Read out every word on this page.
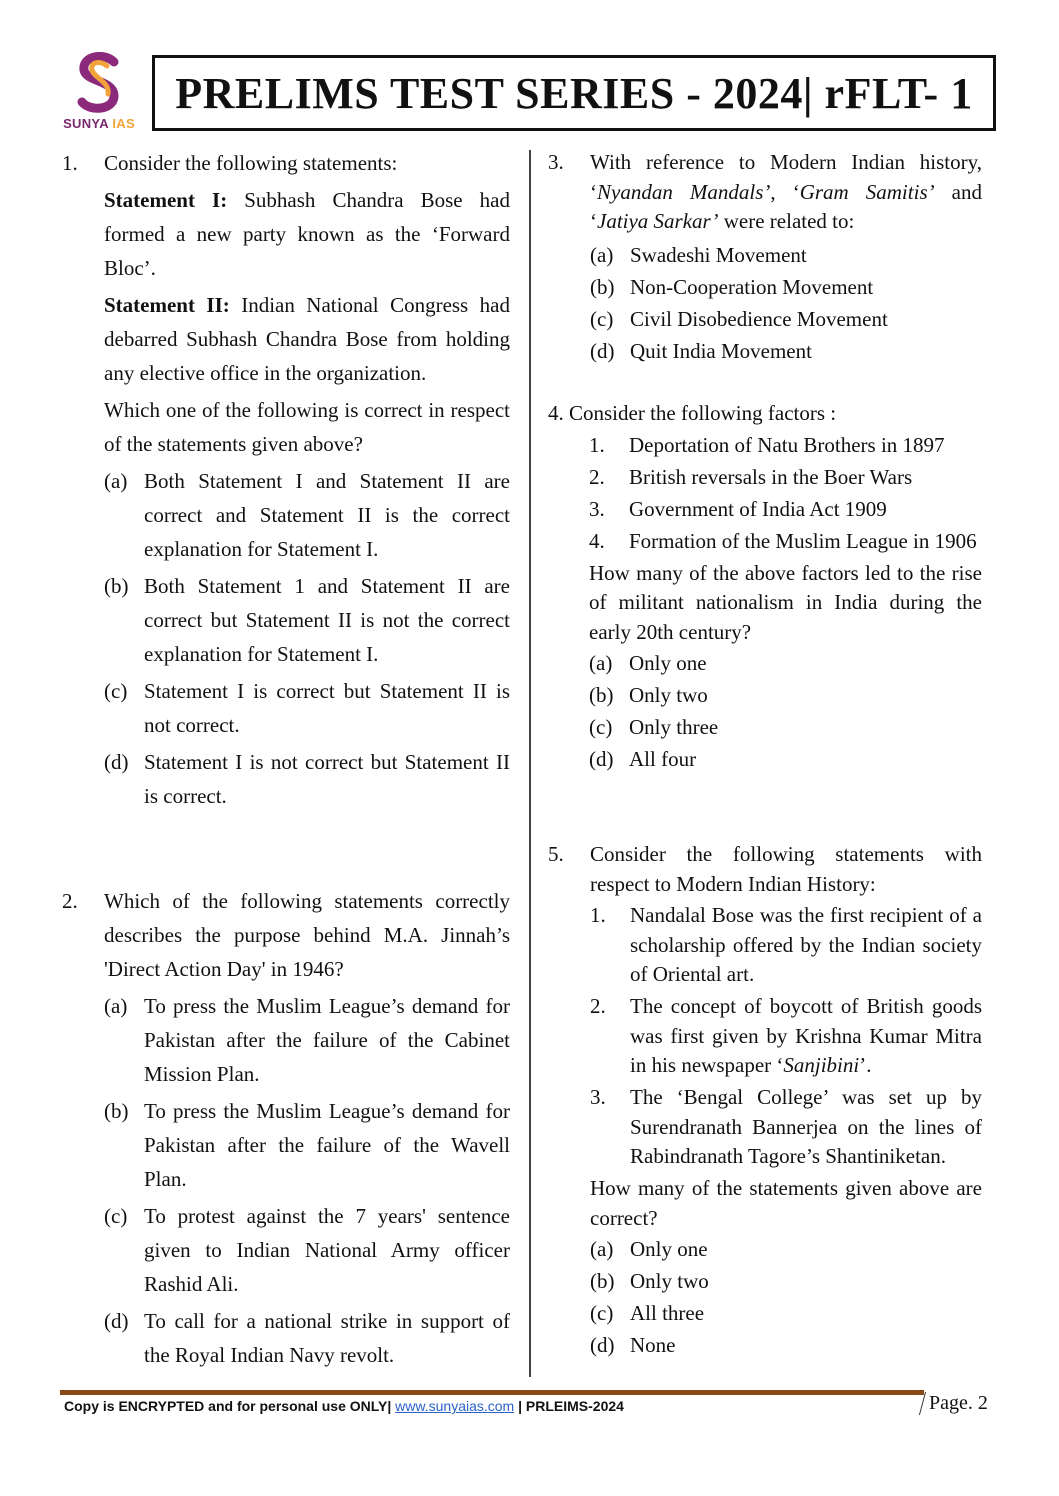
SUNYA IAS
PRELIMS TEST SERIES - 2024| rFLT- 1
1.	Consider the following statements:
Statement I: Subhash Chandra Bose had formed a new party known as the ‘Forward Bloc’.
Statement II: Indian National Congress had debarred Subhash Chandra Bose from holding any elective office in the organization.
Which one of the following is correct in respect of the statements given above?
(a) Both Statement I and Statement II are correct and Statement II is the correct explanation for Statement I.
(b) Both Statement 1 and Statement II are correct but Statement II is not the correct explanation for Statement I.
(c) Statement I is correct but Statement II is not correct.
(d) Statement I is not correct but Statement II is correct.
2.	Which of the following statements correctly describes the purpose behind M.A. Jinnah’s 'Direct Action Day' in 1946?
(a) To press the Muslim League’s demand for Pakistan after the failure of the Cabinet Mission Plan.
(b) To press the Muslim League’s demand for Pakistan after the failure of the Wavell Plan.
(c) To protest against the 7 years' sentence given to Indian National Army officer Rashid Ali.
(d) To call for a national strike in support of the Royal Indian Navy revolt.
3.	With reference to Modern Indian history, ‘Nyandan Mandals’, ‘Gram Samitis’ and ‘Jatiya Sarkar’ were related to:
(a) Swadeshi Movement
(b) Non-Cooperation Movement
(c) Civil Disobedience Movement
(d) Quit India Movement
4. Consider the following factors :
1.	Deportation of Natu Brothers in 1897
2.	British reversals in the Boer Wars
3.	Government of India Act 1909
4.	Formation of the Muslim League in 1906
How many of the above factors led to the rise of militant nationalism in India during the early 20th century?
(a) Only one
(b) Only two
(c) Only three
(d) All four
5.	Consider the following statements with respect to Modern Indian History:
1.	Nandalal Bose was the first recipient of a scholarship offered by the Indian society of Oriental art.
2.	The concept of boycott of British goods was first given by Krishna Kumar Mitra in his newspaper ‘Sanjibini’.
3.	The ‘Bengal College’ was set up by Surendranath Bannerjea on the lines of Rabindranath Tagore’s Shantiniketan.
How many of the statements given above are correct?
(a) Only one
(b) Only two
(c) All three
(d) None
Copy is ENCRYPTED and for personal use ONLY| www.sunyaias.com | PRLEIMS-2024	Page. 2
